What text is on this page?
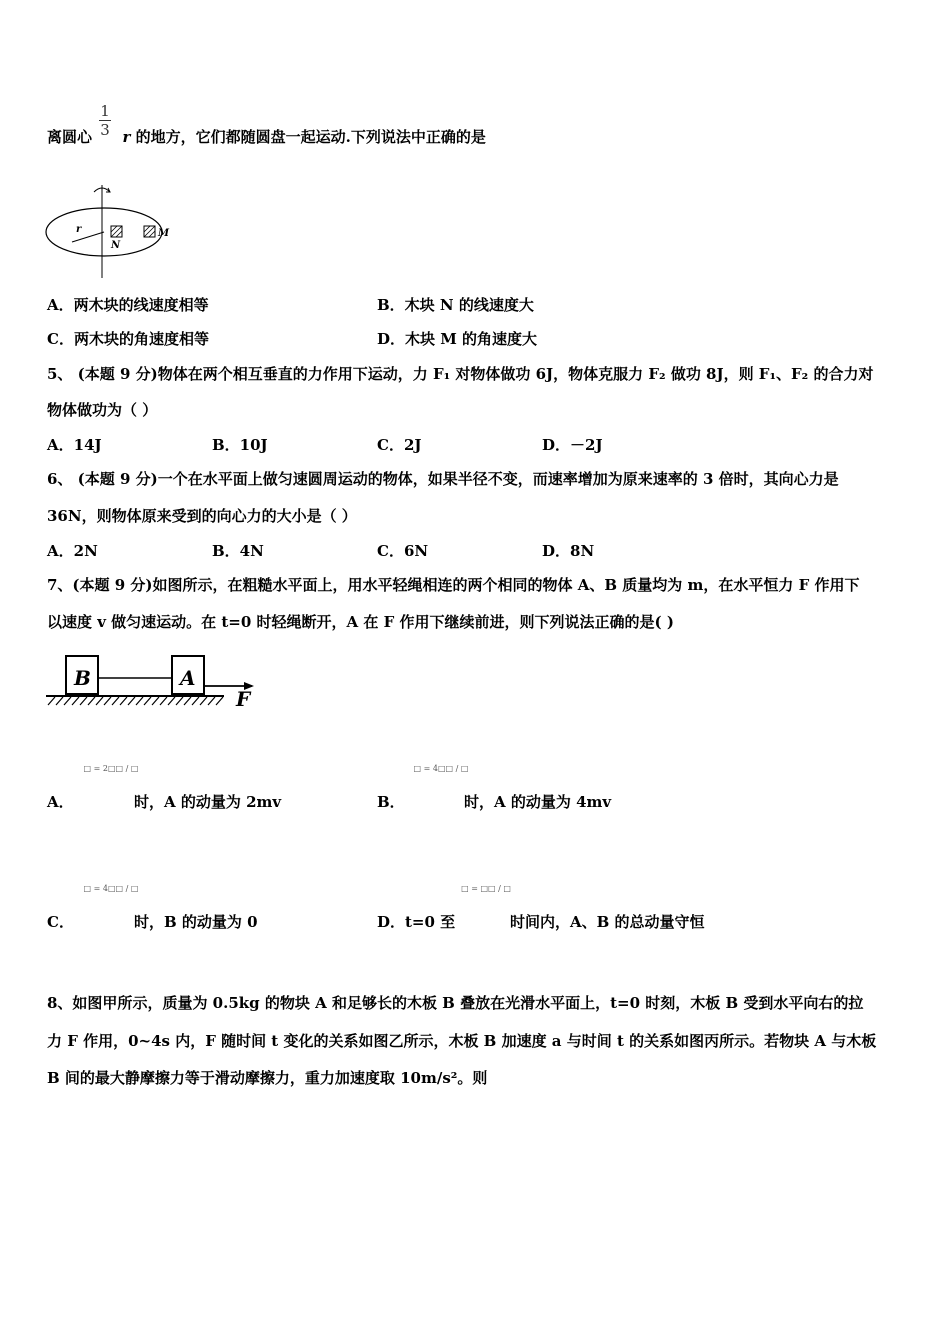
离圆心 r 的地方，它们都随圆盘一起运动.下列说法中正确的是
$\frac{1}{3}$
r
N
M
A．两木块的线速度相等	B．木块 N 的线速度大
C．两木块的角速度相等	D．木块 M 的角速度大
5、 (本题 9 分)物体在两个相互垂直的力作用下运动，力 F₁ 对物体做功 6J，物体克服力 F₂ 做功 8J，则 F₁、F₂ 的合力对
物体做功为（ ）
A．14J	B．10J	C．2J	D．－2J
6、 (本题 9 分)一个在水平面上做匀速圆周运动的物体，如果半径不变，而速率增加为原来速率的 3 倍时，其向心力是
36N，则物体原来受到的向心力的大小是（ ）
A．2N	B．4N	C．6N	D．8N
7、(本题 9 分)如图所示，在粗糙水平面上，用水平轻绳相连的两个相同的物体 A、B 质量均为 m，在水平恒力 F 作用下
以速度 v 做匀速运动。在 t=0 时轻绳断开，A 在 F 作用下继续前进，则下列说法正确的是( )
B	A
F
A．
□ = 2□□ / □
时，A 的动量为 2mv	B．
□ = 4□□ / □
时，A 的动量为 4mv
C．
□ = 4□□ / □
时，B 的动量为 0	D．t=0 至
□ = □□ / □
时间内，A、B 的总动量守恒
8、如图甲所示，质量为 0.5kg 的物块 A 和足够长的木板 B 叠放在光滑水平面上，t=0 时刻，木板 B 受到水平向右的拉
力 F 作用，0~4s 内，F 随时间 t 变化的关系如图乙所示，木板 B 加速度 a 与时间 t 的关系如图丙所示。若物块 A 与木板
B 间的最大静摩擦力等于滑动摩擦力，重力加速度取 10m/s²。则
